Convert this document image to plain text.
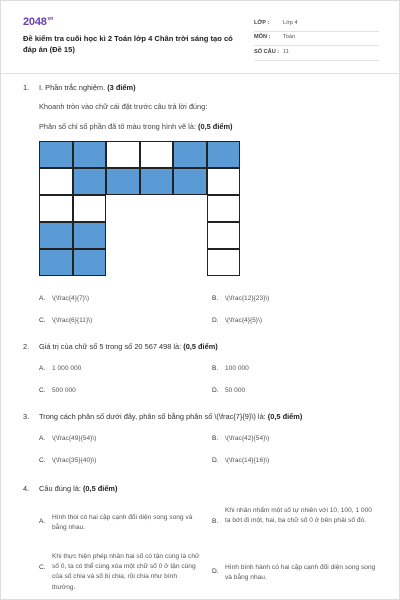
$2048^{vn}$
Đề kiểm tra cuối học kì 2 Toán lớp 4 Chân trời sáng tạo có đáp án (Đề 15)
LỚP :	Lớp 4
MÔN :	Toán
SỐ CÂU : 11
1. I. Phần trắc nghiệm. (3 điểm)
Khoanh tròn vào chữ cái đặt trước câu trả lời đúng:
Phân số chỉ số phần đã tô màu trong hình vẽ là: (0,5 điểm)
A.	\(\frac{4}{7}\)	B.	\(\frac{12}{23}\)
C. \(\frac{6}{11}\)	D. \(\frac{4}{5}\)
2. Giá trị của chữ số 5 trong số 20 567 498 là: (0,5 điểm)
A.	1 000 000	B.	100 000
C. 500 000	D. 50 000
3. Trong cách phân số dưới đây, phân số bằng phân số \(\frac{7}{9}\) là: (0,5 điểm)
A.	\(\frac{49}{54}\)	B.	\(\frac{42}{54}\)
C. \(\frac{35}{40}\)	D. \(\frac{14}{16}\)
4. Câu đúng là: (0,5 điểm)
A.
Hình thoi có hai cặp cạnh đối diện song song và bằng nhau.
B.
Khi nhân nhẩm một số tự nhiên với 10, 100, 1 000 ta bớt đi một, hai, ba chữ số 0 ở bên phải số đó.
C.
Khi thực hiện phép nhân hai số có tận cùng là chữ số 0, ta có thể cùng xóa một chữ số 0 ở tận cùng của số chia và số bị chia, rồi chia như bình thường.
D.
Hình bình hành có hai cặp cạnh đối diện song song và bằng nhau.
